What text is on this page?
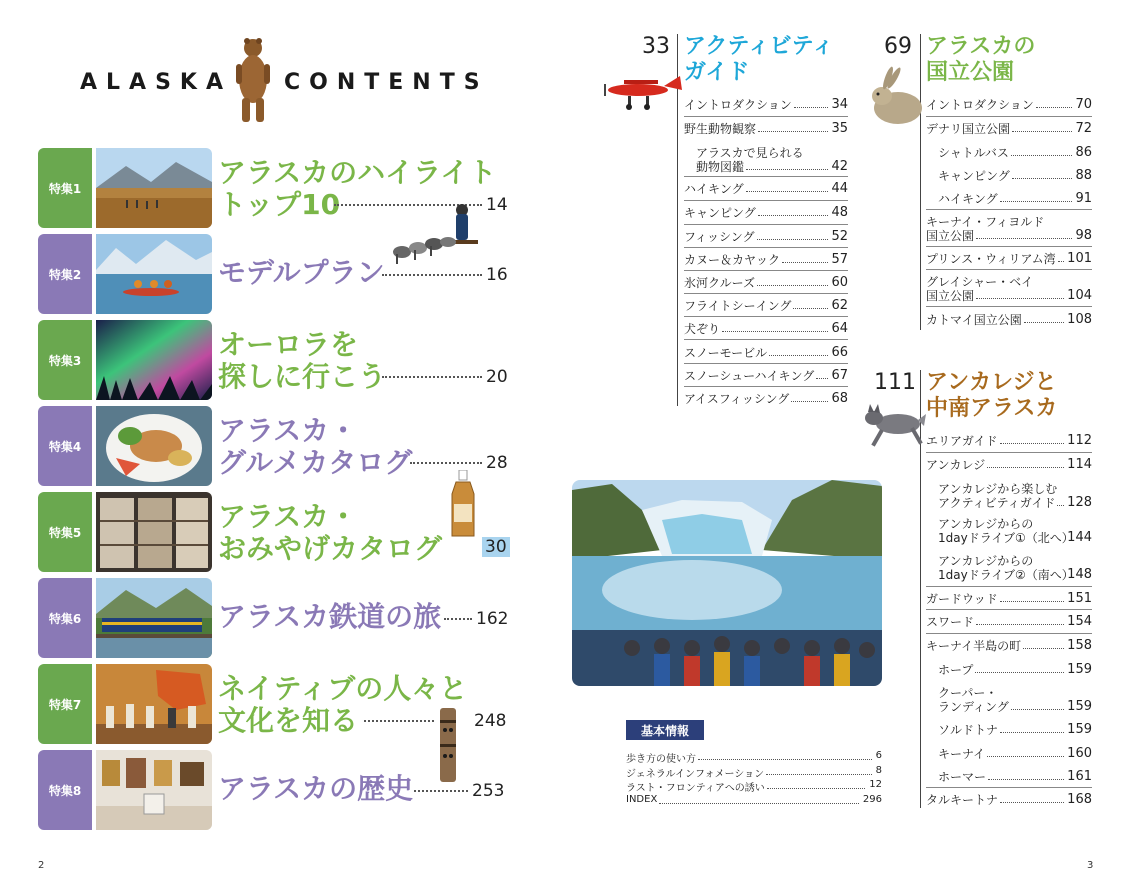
ALASKA CONTENTS
特集1	アラスカのハイライト
トップ10	14
特集2	モデルプラン	16
特集3	オーロラを
探しに行こう	20
特集4	アラスカ・
グルメカタログ	28
特集5	アラスカ・
おみやげカタログ	30
特集6	アラスカ鉄道の旅 162
特集7	ネイティブの人々と
文化を知る	248
特集8	アラスカの歴史	253
2
33 アクティビティ
ガイド
イントロダクション	34
野生動物観察	35
アラスカで見られる
動物図鑑	42
ハイキング	44
キャンピング	48
フィッシング	52
カヌー＆カヤック	57
氷河クルーズ	60
フライトシーイング	62
犬ぞり	64
スノーモービル	66
スノーシューハイキング 67
アイスフィッシング	68
69 アラスカの
国立公園
イントロダクション	70
デナリ国立公園	72
シャトルバス	86
キャンピング	88
ハイキング	91
キーナイ・フィヨルド
国立公園	98
プリンス・ウィリアム湾 101
グレイシャー・ベイ
国立公園	104
カトマイ国立公園	108
111 アンカレジと
中南アラスカ
エリアガイド	112
アンカレジ	114
アンカレジから楽しむ
アクティビティガイド 128
アンカレジからの
1dayドライブ①（北へ）
144
アンカレジからの
1dayドライブ②（南へ）
148
ガードウッド	151
スワード	154
キーナイ半島の町	158
ホープ	159
クーパー・
ランディング	159
ソルドトナ	159
キーナイ	160
ホーマー	161
タルキートナ	168
基本情報
歩き方の使い方	6
ジェネラルインフォメーション	8
ラスト・フロンティアへの誘い	12
INDEX	296
3
